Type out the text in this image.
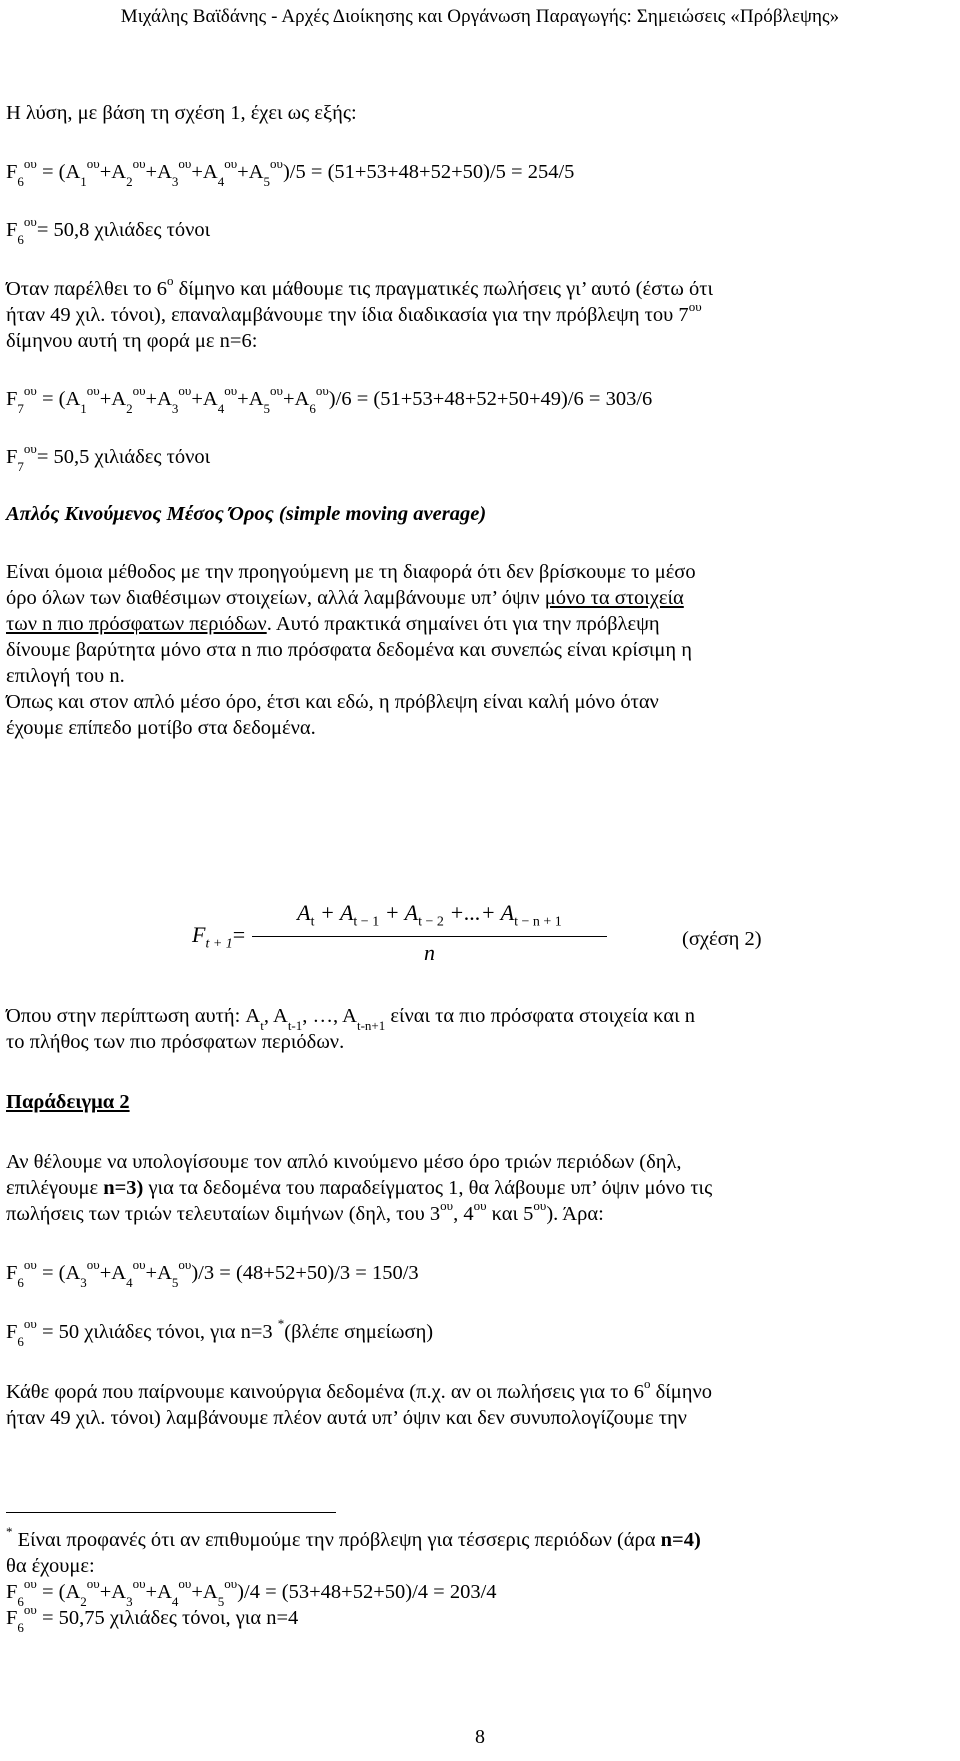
Μιχάλης Βαϊδάνης - Αρχές Διοίκησης και Οργάνωση Παραγωγής: Σημειώσεις «Πρόβλεψης»
Η λύση, με βάση τη σχέση 1, έχει ως εξής:
$F_6^{o\upsilon} = (A_1^{o\upsilon}+A_2^{o\upsilon}+A_3^{o\upsilon}+A_4^{o\upsilon}+A_5^{o\upsilon})/5 = (51+53+48+52+50)/5 = 254/5$
$F_6^{o\upsilon}= 50,8$ χιλιάδες τόνοι
Όταν παρέλθει το $6^o$ δίμηνο και μάθουμε τις πραγματικές πωλήσεις γι’ αυτό (έστω ότι
ήταν 49 χιλ. τόνοι), επαναλαμβάνουμε την ίδια διαδικασία για την πρόβλεψη του $7^{o\upsilon}$
δίμηνου αυτή τη φορά με n=6:
$F_7^{o\upsilon} = (A_1^{o\upsilon}+A_2^{o\upsilon}+A_3^{o\upsilon}+A_4^{o\upsilon}+A_5^{o\upsilon}+A_6^{o\upsilon})/6 = (51+53+48+52+50+49)/6 = 303/6$
$F_7^{o\upsilon}= 50,5$ χιλιάδες τόνοι
Απλός Κινούμενος Μέσος Όρος (simple moving average)
Είναι όμοια μέθοδος με την προηγούμενη με τη διαφορά ότι δεν βρίσκουμε το μέσο
όρο όλων των διαθέσιμων στοιχείων, αλλά λαμβάνουμε υπ’ όψιν μόνο τα στοιχεία
των n πιο πρόσφατων περιόδων. Αυτό πρακτικά σημαίνει ότι για την πρόβλεψη
δίνουμε βαρύτητα μόνο στα n πιο πρόσφατα δεδομένα και συνεπώς είναι κρίσιμη η
επιλογή του n.
Όπως και στον απλό μέσο όρο, έτσι και εδώ, η πρόβλεψη είναι καλή μόνο όταν
έχουμε επίπεδο μοτίβο στα δεδομένα.
$F_{t + 1}=$
$A_t + A_{t - 1} + A_{t - 2}$ +...+ $A_{t - n + 1}$
n
(σχέση 2)
Όπου στην περίπτωση αυτή: $A_t$, $A_{t-1}$, …, $A_{t-n+1}$ είναι τα πιο πρόσφατα στοιχεία και n
το πλήθος των πιο πρόσφατων περιόδων.
Παράδειγμα 2
Αν θέλουμε να υπολογίσουμε τον απλό κινούμενο μέσο όρο τριών περιόδων (δηλ,
επιλέγουμε n=3) για τα δεδομένα του παραδείγματος 1, θα λάβουμε υπ’ όψιν μόνο τις
πωλήσεις των τριών τελευταίων διμήνων (δηλ, του $3^{o\upsilon}$, $4^{o\upsilon}$ και $5^{o\upsilon}$). Άρα:
$F_6^{o\upsilon} = (A_3^{o\upsilon}+A_4^{o\upsilon}+A_5^{o\upsilon})/3 = (48+52+50)/3 = 150/3$
$F_6^{o\upsilon} = 50$ χιλιάδες τόνοι, για n=3 *(βλέπε σημείωση)
Κάθε φορά που παίρνουμε καινούργια δεδομένα (π.χ. αν οι πωλήσεις για το $6^o$ δίμηνο
ήταν 49 χιλ. τόνοι) λαμβάνουμε πλέον αυτά υπ’ όψιν και δεν συνυπολογίζουμε την
* Είναι προφανές ότι αν επιθυμούμε την πρόβλεψη για τέσσερις περιόδων (άρα n=4)
θα έχουμε:
$F_6^{o\upsilon} = (A_2^{o\upsilon}+A_3^{o\upsilon}+A_4^{o\upsilon}+A_5^{o\upsilon})/4 = (53+48+52+50)/4 = 203/4$
$F_6^{o\upsilon} = 50,75$ χιλιάδες τόνοι, για n=4
8
